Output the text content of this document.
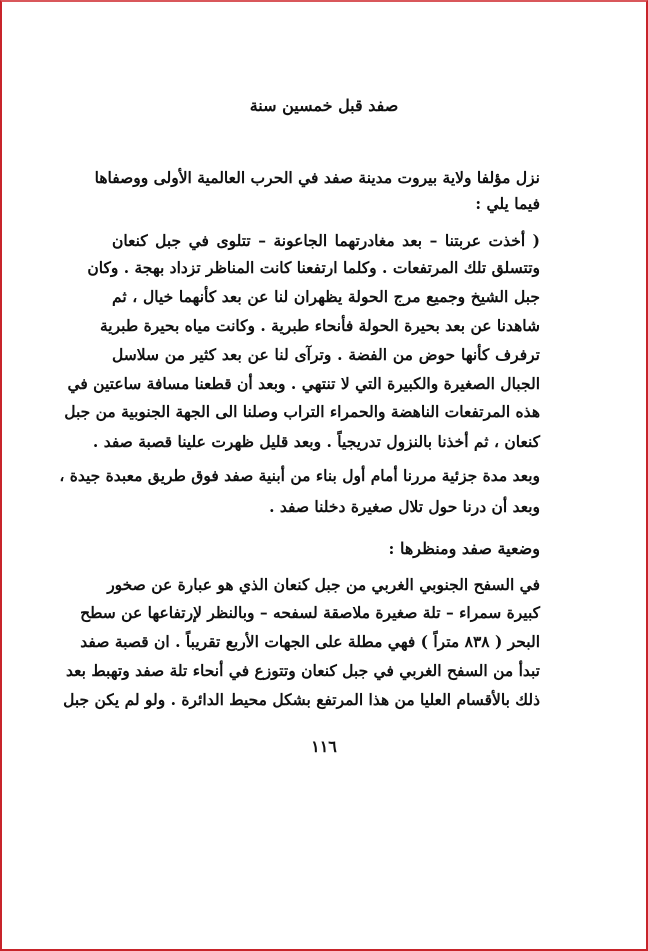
صفد قبل خمسين سنة
نزل مؤلفا ولاية بيروت مدينة صفد في الحرب العالمية الأولى ووصفاها
فيما يلي :
( أخذت عربتنا – بعد مغادرتهما الجاعونة – تتلوى في جبل كنعان
وتتسلق تلك المرتفعات . وكلما ارتفعنا كانت المناظر تزداد بهجة . وكان
جبل الشيخ وجميع مرج الحولة يظهران لنا عن بعد كأنهما خيال ، ثم
شاهدنا عن بعد بحيرة الحولة فأنحاء طبرية . وكانت مياه بحيرة طبرية
ترفرف كأنها حوض من الفضة . وترآى لنا عن بعد كثير من سلاسل
الجبال الصغيرة والكبيرة التي لا تنتهي . وبعد أن قطعنا مسافة ساعتين في
هذه المرتفعات الناهضة والحمراء التراب وصلنا الى الجهة الجنوبية من جبل
كنعان ، ثم أخذنا بالنزول تدريجياً . وبعد قليل ظهرت علينا قصبة صفد .
وبعد مدة جزئية مررنا أمام أول بناء من أبنية صفد فوق طريق معبدة جيدة ،
وبعد أن درنا حول تلال صغيرة دخلنا صفد .
وضعية صفد ومنظرها :
في السفح الجنوبي الغربي من جبل كنعان الذي هو عبارة عن صخور
كبيرة سمراء – تلة صغيرة ملاصقة لسفحه – وبالنظر لإرتفاعها عن سطح
البحر ( ٨٣٨ متراً ) فهي مطلة على الجهات الأربع تقريباً . ان قصبة صفد
تبدأ من السفح الغربي في جبل كنعان وتتوزع في أنحاء تلة صفد وتهبط بعد
ذلك بالأقسام العليا من هذا المرتفع بشكل محيط الدائرة . ولو لم يكن جبل
١١٦
